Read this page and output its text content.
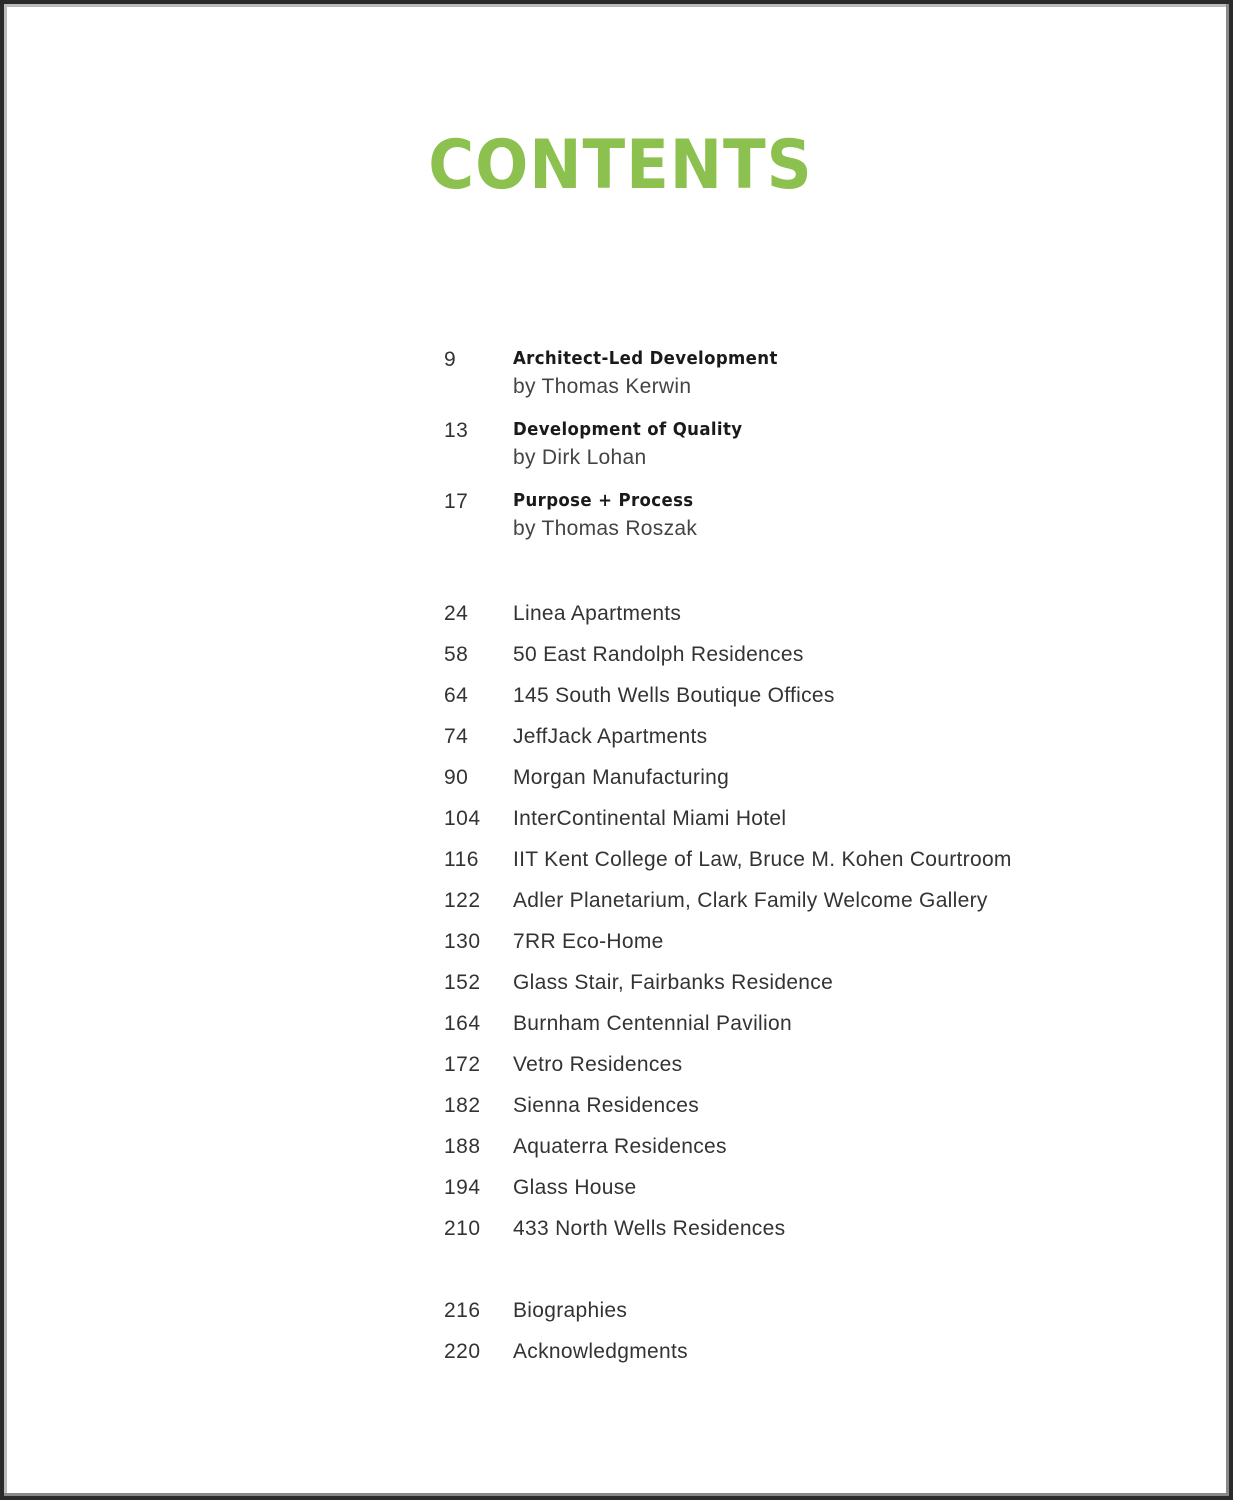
CONTENTS
9	Architect-Led Development
by Thomas Kerwin
13 Development of Quality
by Dirk Lohan
17 Purpose + Process
by Thomas Roszak
24 Linea Apartments
58 50 East Randolph Residences
64 145 South Wells Boutique Offices
74 JeffJack Apartments
90 Morgan Manufacturing
104 InterContinental Miami Hotel
116 IIT Kent College of Law, Bruce M. Kohen Courtroom
122 Adler Planetarium, Clark Family Welcome Gallery
130 7RR Eco-Home
152 Glass Stair, Fairbanks Residence
164 Burnham Centennial Pavilion
172 Vetro Residences
182 Sienna Residences
188 Aquaterra Residences
194 Glass House
210 433 North Wells Residences
216 Biographies
220 Acknowledgments
